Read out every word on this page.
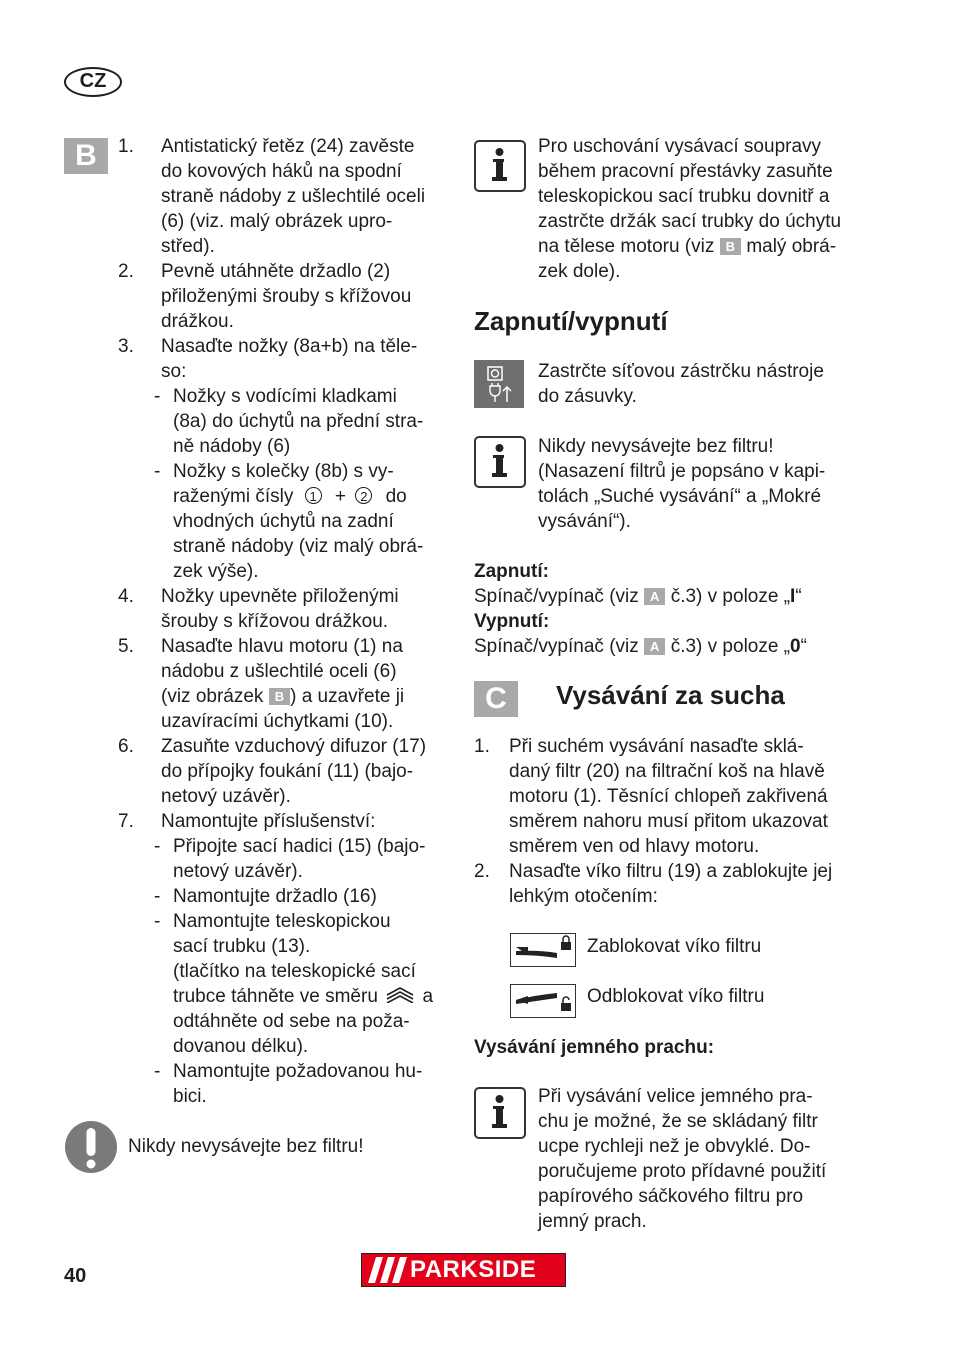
CZ
B	1.	Antistatický řetěz (24) zavěste
do kovových háků na spodní
straně nádoby z ušlechtilé oceli
(6) (viz. malý obrázek upro-
střed).
2.	Pevně utáhněte držadlo (2)
přiloženými šrouby s křížovou
drážkou.
3.	Nasaďte nožky (8a+b) na těle-
so:
- Nožky s vodícími kladkami
(8a) do úchytů na přední stra-
ně nádoby (6)
- Nožky s kolečky (8b) s vy-
raženými čísly 1 + 2 do
vhodných úchytů na zadní
straně nádoby (viz malý obrá-
zek výše).
4.	Nožky upevněte přiloženými
šrouby s křížovou drážkou.
5.	Nasaďte hlavu motoru (1) na
nádobu z ušlechtilé oceli (6)
(viz obrázek B ) a uzavřete ji
uzavíracími úchytkami (10).
6.	Zasuňte vzduchový difuzor (17)
do přípojky foukání (11) (bajo-
netový uzávěr).
7.	Namontujte příslušenství:
- Připojte sací hadici (15) (bajo-
netový uzávěr).
- Namontujte držadlo (16)
- Namontujte teleskopickou
sací trubku (13).
(tlačítko na teleskopické sací
trubce táhněte ve směru a
odtáhněte od sebe na poža-
dovanou délku).
- Namontujte požadovanou hu-
bici.
Nikdy nevysávejte bez filtru!
Pro uschování vysávací soupravy
během pracovní přestávky zasuňte
teleskopickou sací trubku dovnitř a
zastrčte držák sací trubky do úchytu
na tělese motoru (viz B malý obrá-
zek dole).
Zapnutí/vypnutí
Zastrčte síťovou zástrčku nástroje
do zásuvky.
Nikdy nevysávejte bez filtru!
(Nasazení filtrů je popsáno v kapi-
tolách „Suché vysávání“ a „Mokré
vysávání“).
Zapnutí:
Spínač/vypínač (viz A č.3) v poloze „I“
Vypnutí:
Spínač/vypínač (viz A č.3) v poloze „0“
C	Vysávání za sucha
1.	Při suchém vysávání nasaďte sklá-
daný filtr (20) na filtrační koš na hlavě
motoru (1). Těsnící chlopeň zakřivená
směrem nahoru musí přitom ukazovat
směrem ven od hlavy motoru.
2.	Nasaďte víko filtru (19) a zablokujte jej
lehkým otočením:
Zablokovat víko filtru
Odblokovat víko filtru
Vysávání jemného prachu:
Při vysávání velice jemného pra-
chu je možné, že se skládaný filtr
ucpe rychleji než je obvyklé. Do-
poručujeme proto přídavné použití
papírového sáčkového filtru pro
jemný prach.
40	PARKSIDE
